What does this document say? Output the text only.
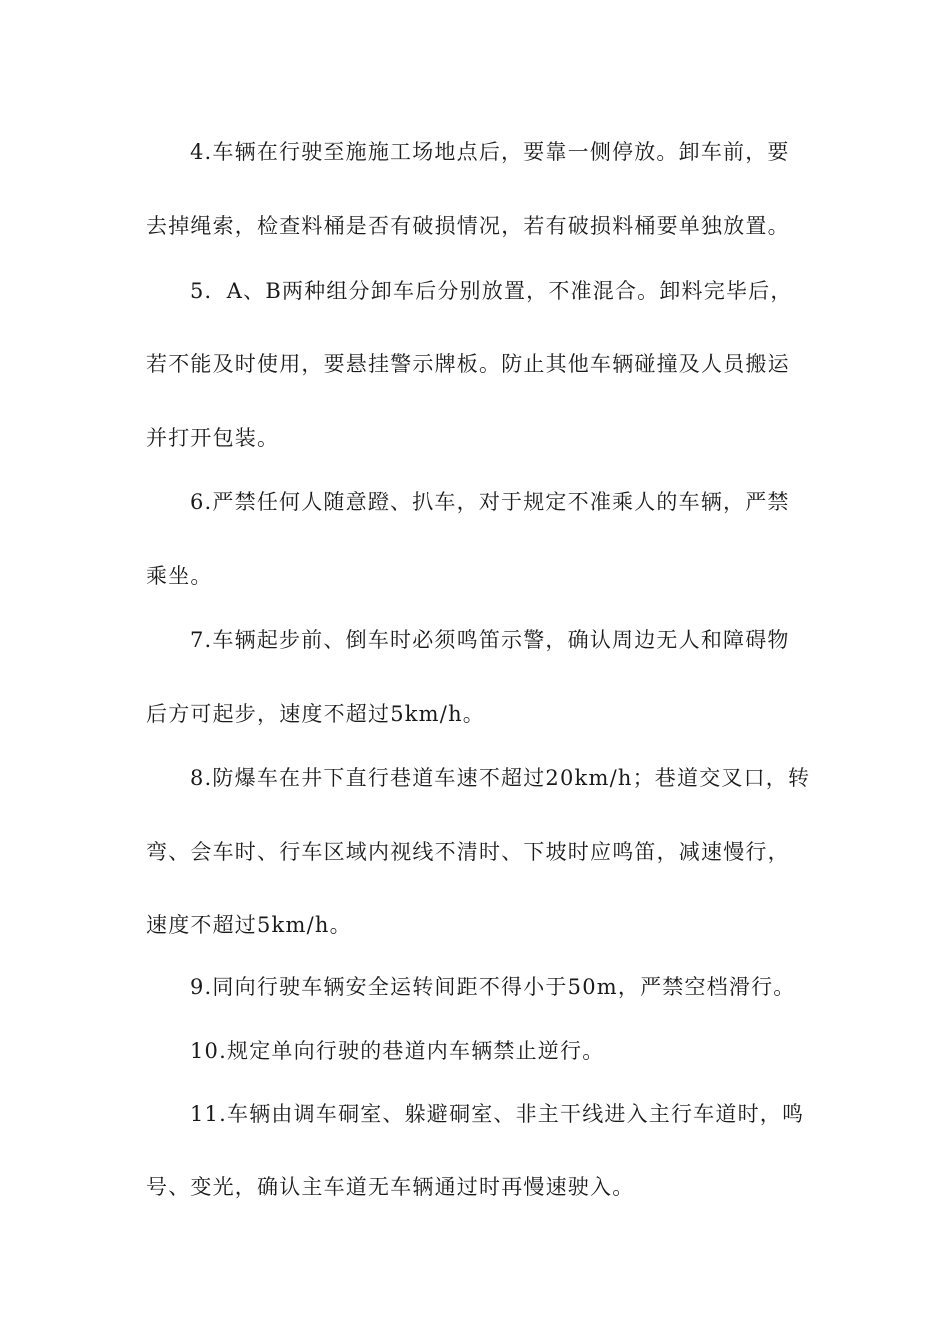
4.车辆在行驶至施施工场地点后，要靠一侧停放。卸车前，要
去掉绳索，检查料桶是否有破损情况，若有破损料桶要单独放置。
5．A、B两种组分卸车后分别放置，不准混合。卸料完毕后，
若不能及时使用，要悬挂警示牌板。防止其他车辆碰撞及人员搬运
并打开包装。
6.严禁任何人随意蹬、扒车，对于规定不准乘人的车辆，严禁
乘坐。
7.车辆起步前、倒车时必须鸣笛示警，确认周边无人和障碍物
后方可起步，速度不超过5km/h。
8.防爆车在井下直行巷道车速不超过20km/h；巷道交叉口，转
弯、会车时、行车区域内视线不清时、下坡时应鸣笛，减速慢行，
速度不超过5km/h。
9.同向行驶车辆安全运转间距不得小于50m，严禁空档滑行。
10.规定单向行驶的巷道内车辆禁止逆行。
11.车辆由调车硐室、躲避硐室、非主干线进入主行车道时，鸣
号、变光，确认主车道无车辆通过时再慢速驶入。
